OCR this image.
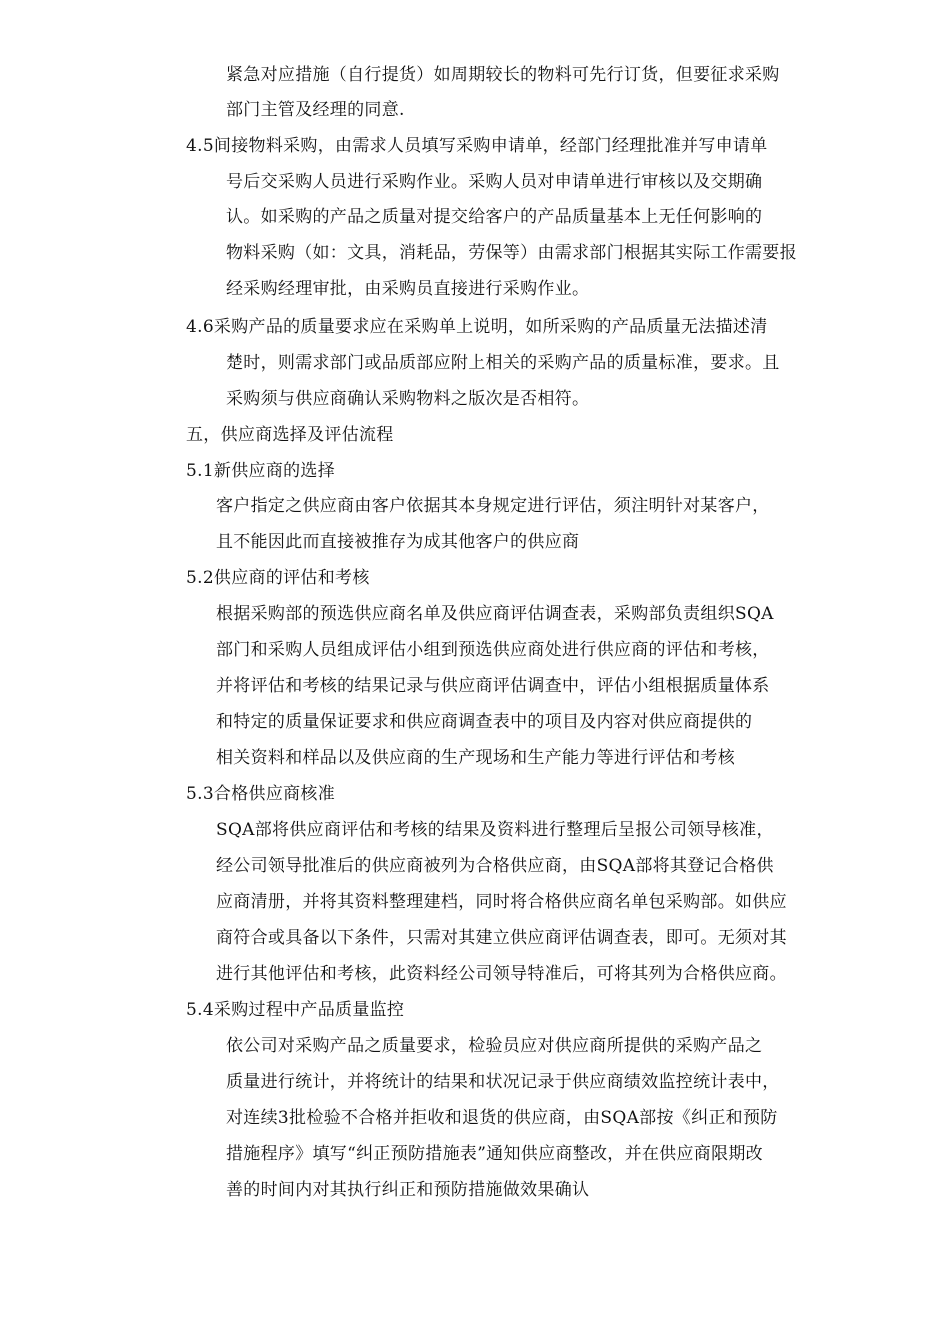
紧急对应措施（自行提货）如周期较长的物料可先行订货，但要征求采购
部门主管及经理的同意.
4.5间接物料采购，由需求人员填写采购申请单，经部门经理批准并写申请单
号后交采购人员进行采购作业。采购人员对申请单进行审核以及交期确
认。如采购的产品之质量对提交给客户的产品质量基本上无任何影响的
物料采购（如：文具，消耗品，劳保等）由需求部门根据其实际工作需要报
经采购经理审批，由采购员直接进行采购作业。
4.6采购产品的质量要求应在采购单上说明，如所采购的产品质量无法描述清
楚时，则需求部门或品质部应附上相关的采购产品的质量标准，要求。且
采购须与供应商确认采购物料之版次是否相符。
五，供应商选择及评估流程
5.1新供应商的选择
客户指定之供应商由客户依据其本身规定进行评估，须注明针对某客户，
且不能因此而直接被推存为成其他客户的供应商
5.2供应商的评估和考核
根据采购部的预选供应商名单及供应商评估调查表，采购部负责组织SQA
部门和采购人员组成评估小组到预选供应商处进行供应商的评估和考核，
并将评估和考核的结果记录与供应商评估调查中，评估小组根据质量体系
和特定的质量保证要求和供应商调查表中的项目及内容对供应商提供的
相关资料和样品以及供应商的生产现场和生产能力等进行评估和考核
5.3合格供应商核准
SQA部将供应商评估和考核的结果及资料进行整理后呈报公司领导核准，
经公司领导批准后的供应商被列为合格供应商，由SQA部将其登记合格供
应商清册，并将其资料整理建档，同时将合格供应商名单包采购部。如供应
商符合或具备以下条件，只需对其建立供应商评估调查表，即可。无须对其
进行其他评估和考核，此资料经公司领导特准后，可将其列为合格供应商。
5.4采购过程中产品质量监控
依公司对采购产品之质量要求，检验员应对供应商所提供的采购产品之
质量进行统计，并将统计的结果和状况记录于供应商绩效监控统计表中，
对连续3批检验不合格并拒收和退货的供应商，由SQA部按《纠正和预防
措施程序》填写“纠正预防措施表”通知供应商整改，并在供应商限期改
善的时间内对其执行纠正和预防措施做效果确认
